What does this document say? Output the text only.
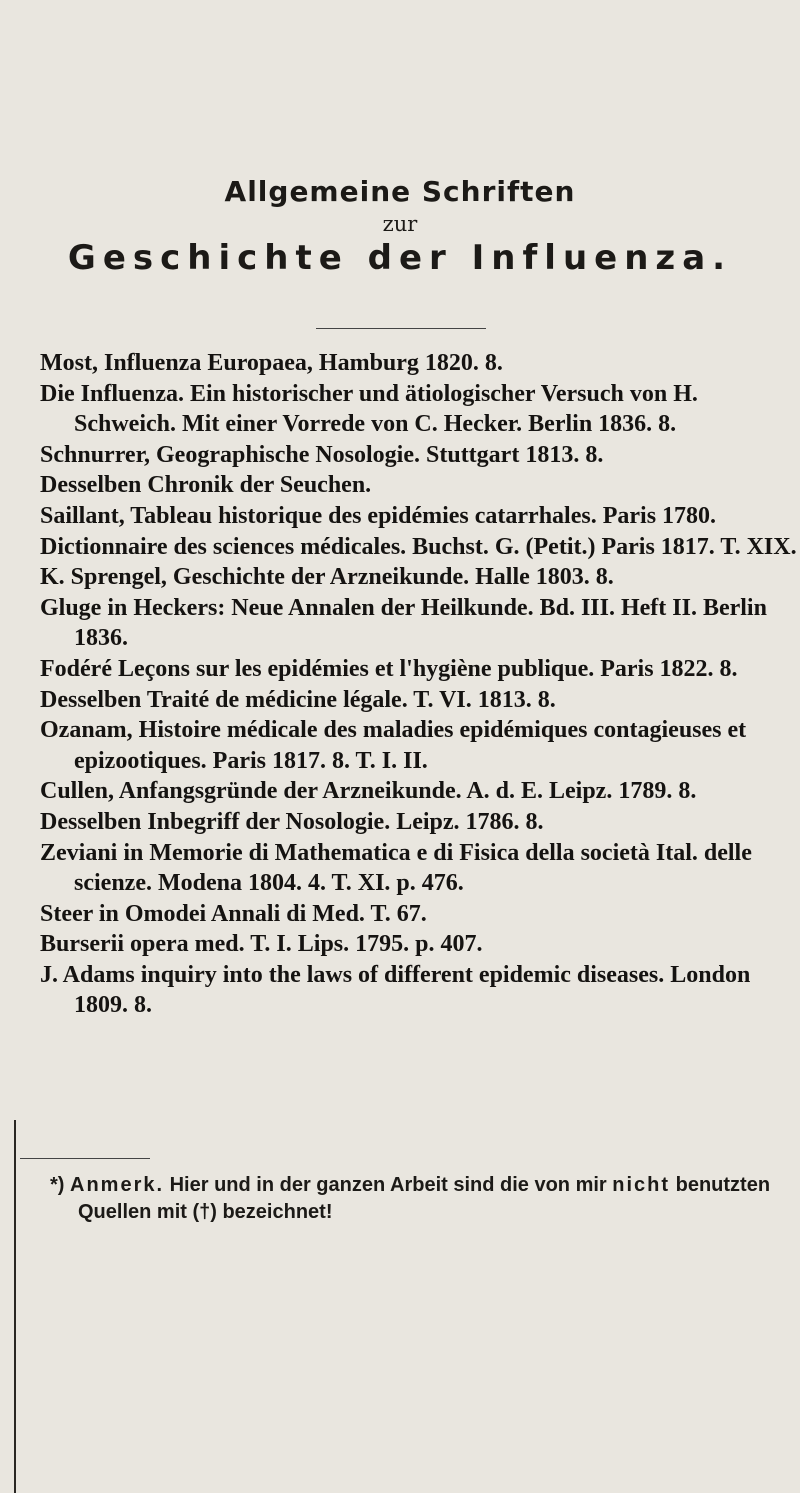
Allgemeine Schriften

zur

Geschichte der Influenza.

Most, Influenza Europaea, Hamburg 1820. 8.

Die Influenza. Ein historischer und ätiologischer Versuch von H. Schweich. Mit einer Vorrede von C. Hecker. Berlin 1836. 8.

Schnurrer, Geographische Nosologie. Stuttgart 1813. 8.

Desselben Chronik der Seuchen.

Saillant, Tableau historique des epidémies catarrhales. Paris 1780.

Dictionnaire des sciences médicales. Buchst. G. (Petit.) Paris 1817. T. XIX.

K. Sprengel, Geschichte der Arzneikunde. Halle 1803. 8.

Gluge in Heckers: Neue Annalen der Heilkunde. Bd. III. Heft II. Berlin 1836.

Fodéré Leçons sur les epidémies et l'hygiène publique. Paris 1822. 8.

Desselben Traité de médicine légale. T. VI. 1813. 8.

Ozanam, Histoire médicale des maladies epidémiques contagieuses et epizootiques. Paris 1817. 8. T. I. II.

Cullen, Anfangsgründe der Arzneikunde. A. d. E. Leipz. 1789. 8.

Desselben Inbegriff der Nosologie. Leipz. 1786. 8.

Zeviani in Memorie di Mathematica e di Fisica della società Ital. delle scienze. Modena 1804. 4. T. XI. p. 476.

Steer in Omodei Annali di Med. T. 67.

Burserii opera med. T. I. Lips. 1795. p. 407.

J. Adams inquiry into the laws of different epidemic diseases. London 1809. 8.

*) Anmerk. Hier und in der ganzen Arbeit sind die von mir nicht benutzten Quellen mit (†) bezeichnet!
